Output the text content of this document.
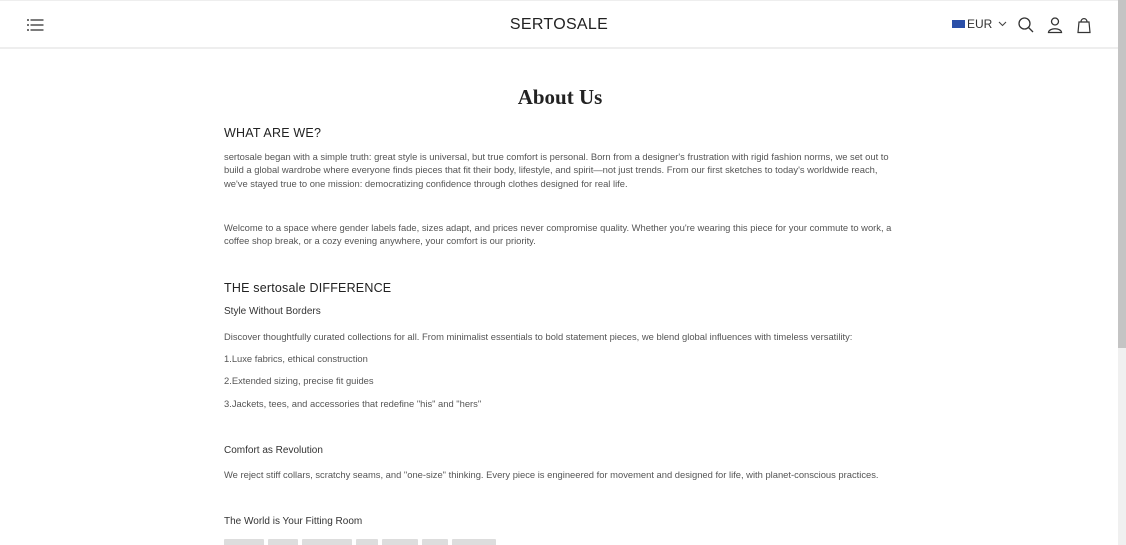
SERTOSALE	EUR
About Us
WHAT ARE WE?

sertosale began with a simple truth: great style is universal, but true comfort is personal. Born from a designer's frustration with rigid fashion norms, we set out to build a global wardrobe where everyone finds pieces that fit their body, lifestyle, and spirit—not just trends. From our first sketches to today's worldwide reach, we've stayed true to one mission: democratizing confidence through clothes designed for real life.

Welcome to a space where gender labels fade, sizes adapt, and prices never compromise quality. Whether you're wearing this piece for your commute to work, a coffee shop break, or a cozy evening anywhere, your comfort is our priority.

THE sertosale DIFFERENCE
Style Without Borders
Discover thoughtfully curated collections for all. From minimalist essentials to bold statement pieces, we blend global influences with timeless versatility:
1.Luxe fabrics, ethical construction
2.Extended sizing, precise fit guides
3.Jackets, tees, and accessories that redefine "his" and "hers"
Comfort as Revolution
We reject stiff collars, scratchy seams, and "one-size" thinking. Every piece is engineered for movement and designed for life, with planet-conscious practices.
The World is Your Fitting Room
